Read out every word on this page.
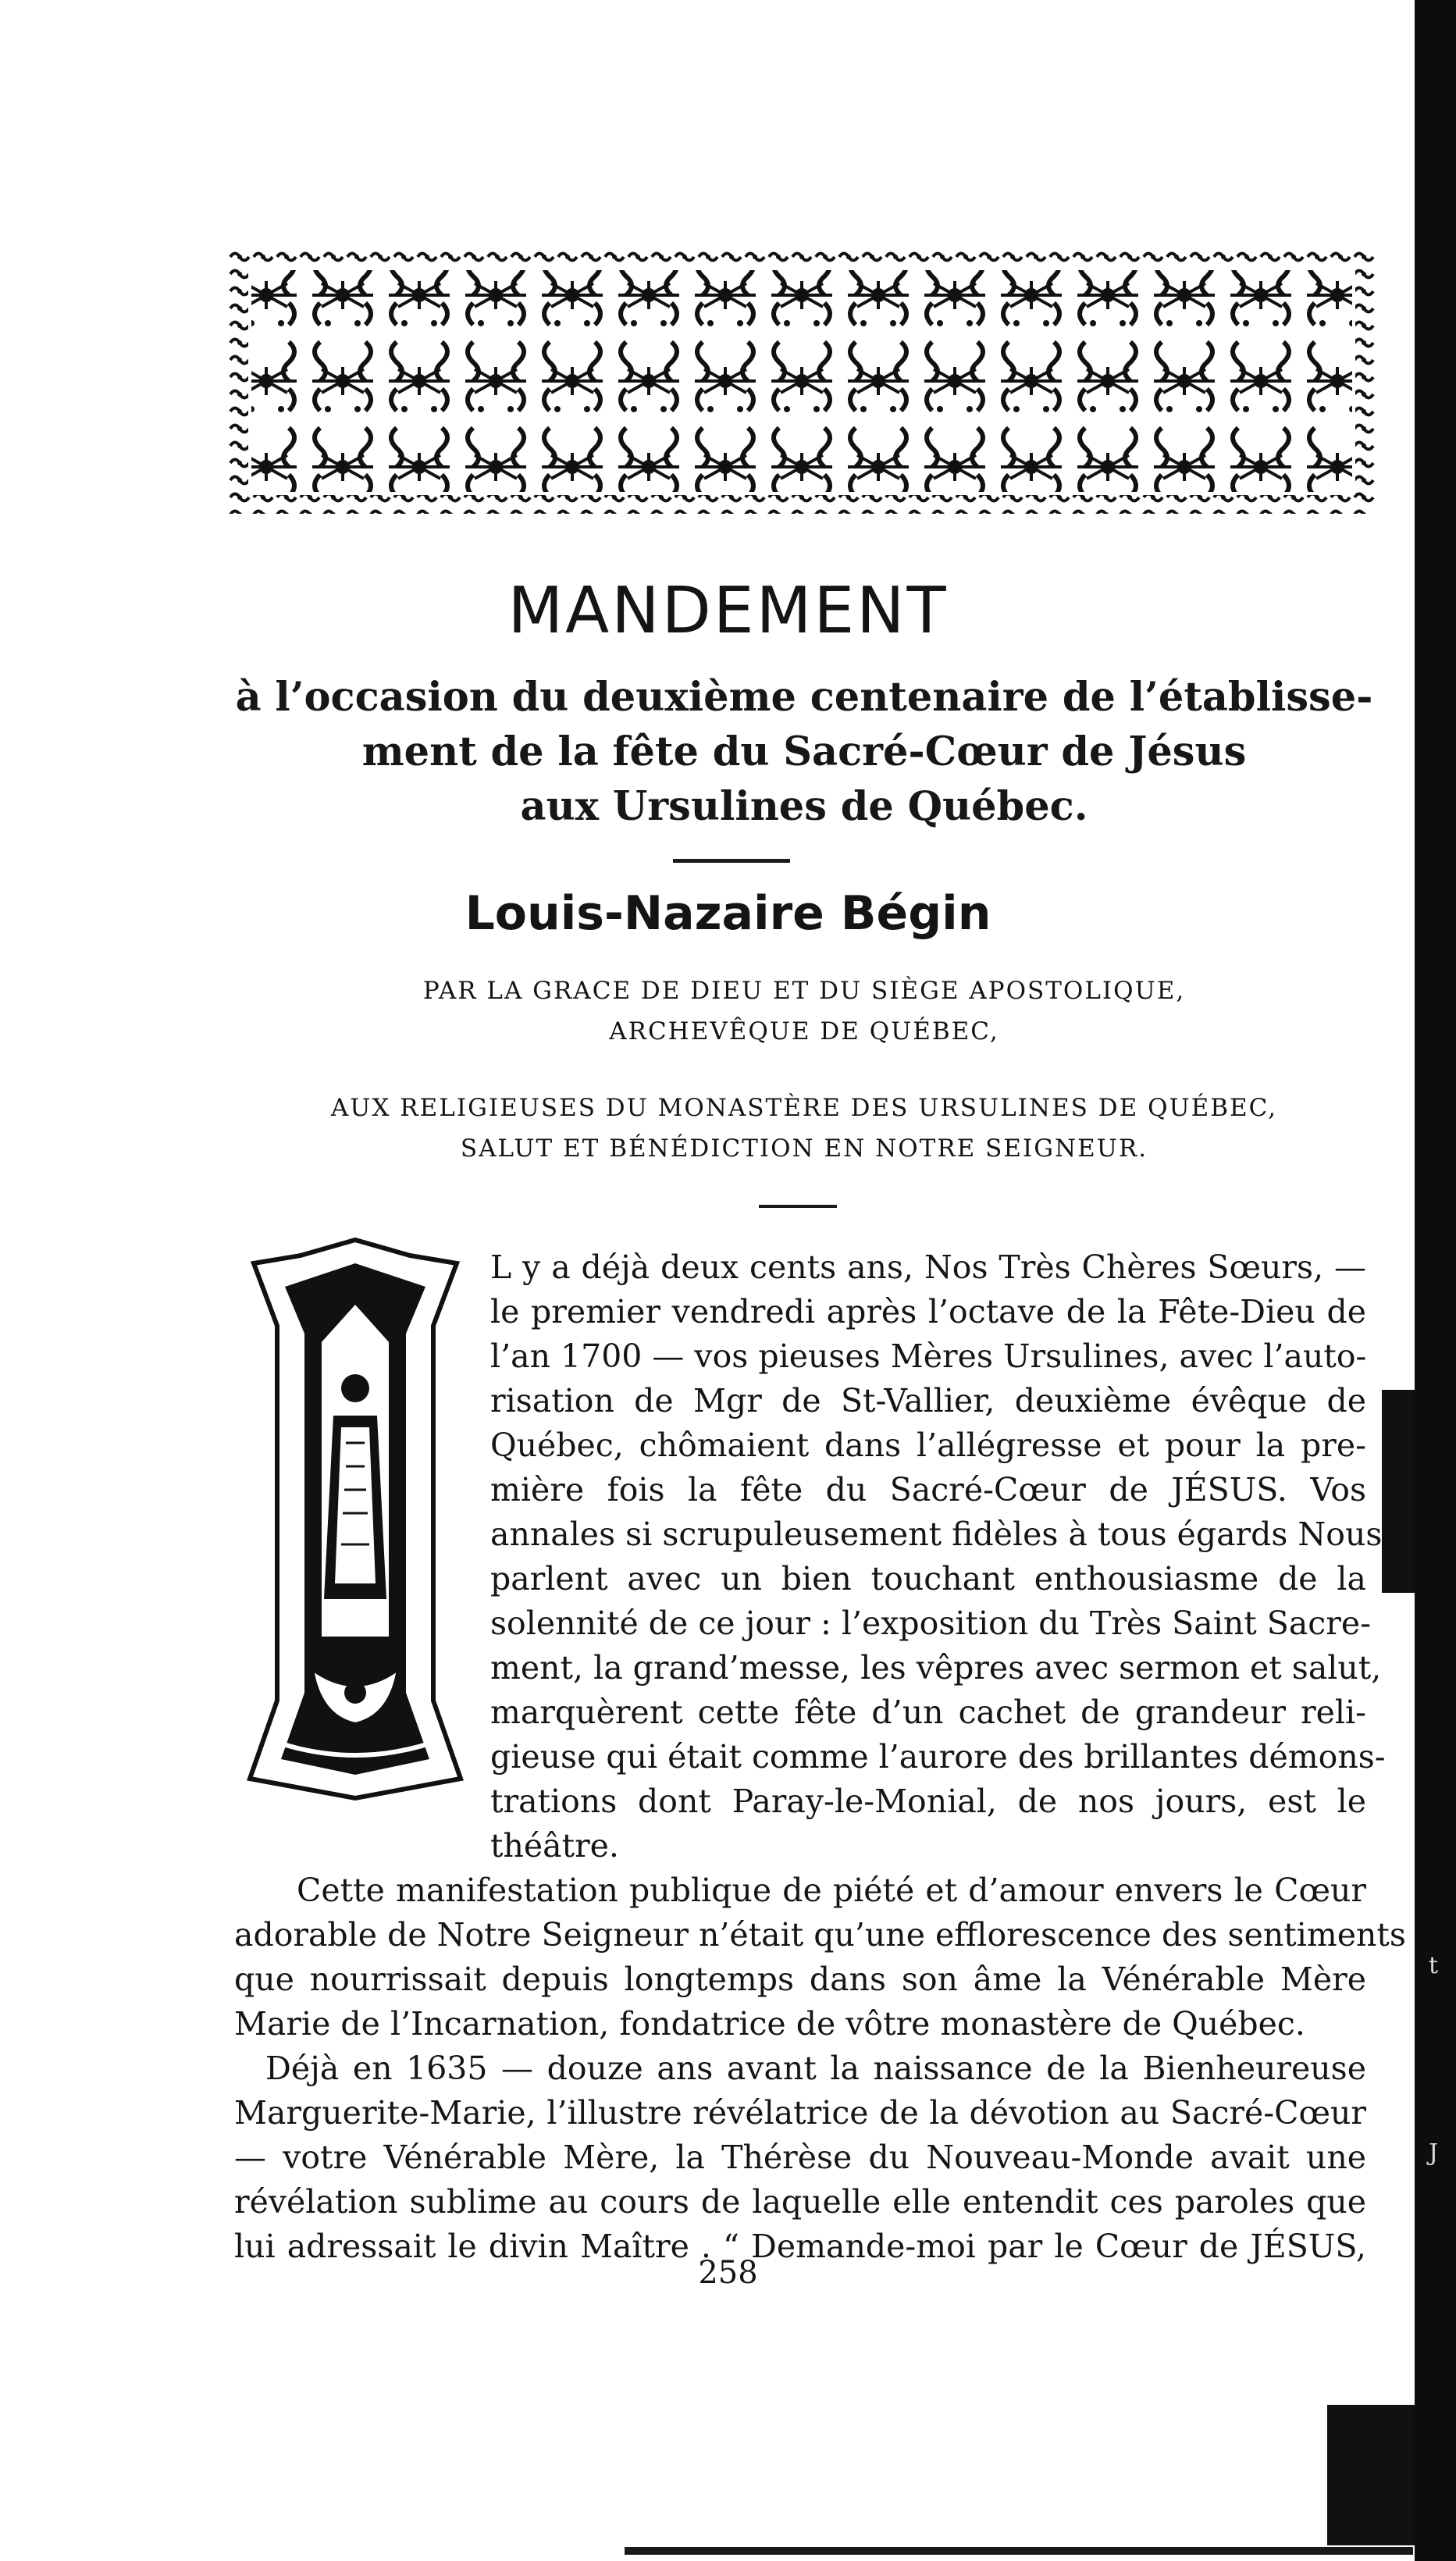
MANDEMENT
à l’occasion du deuxième centenaire de l’établisse-
ment de la fête du Sacré-Cœur de Jésus
aux Ursulines de Québec.
Louis-Nazaire Bégin
PAR LA GRACE DE DIEU ET DU SIÈGE APOSTOLIQUE,
ARCHEVÊQUE DE QUÉBEC,
AUX RELIGIEUSES DU MONASTÈRE DES URSULINES DE QUÉBEC,
SALUT ET BÉNÉDICTION EN NOTRE SEIGNEUR.
L y a déjà deux cents ans, Nos Très Chères Sœurs, —
le premier vendredi après l’octave de la Fête-Dieu de
l’an 1700 — vos pieuses Mères Ursulines, avec l’auto-
risation de Mgr de St-Vallier, deuxième évêque de
Québec, chômaient dans l’allégresse et pour la pre-
mière fois la fête du Sacré-Cœur de JÉSUS. Vos
annales si scrupuleusement fidèles à tous égards Nous
parlent avec un bien touchant enthousiasme de la
solennité de ce jour : l’exposition du Très Saint Sacre-
ment, la grand’messe, les vêpres avec sermon et salut,
marquèrent cette fête d’un cachet de grandeur reli-
gieuse qui était comme l’aurore des brillantes démons-
trations dont Paray-le-Monial, de nos jours, est le
théâtre.
Cette manifestation publique de piété et d’amour envers le Cœur
adorable de Notre Seigneur n’était qu’une efflorescence des sentiments
que nourrissait depuis longtemps dans son âme la Vénérable Mère
Marie de l’Incarnation, fondatrice de vôtre monastère de Québec.
Déjà en 1635 — douze ans avant la naissance de la Bienheureuse
Marguerite-Marie, l’illustre révélatrice de la dévotion au Sacré-Cœur
— votre Vénérable Mère, la Thérèse du Nouveau-Monde avait une
révélation sublime au cours de laquelle elle entendit ces paroles que
lui adressait le divin Maître . “ Demande-moi par le Cœur de JÉSUS,
258
7
t
J
